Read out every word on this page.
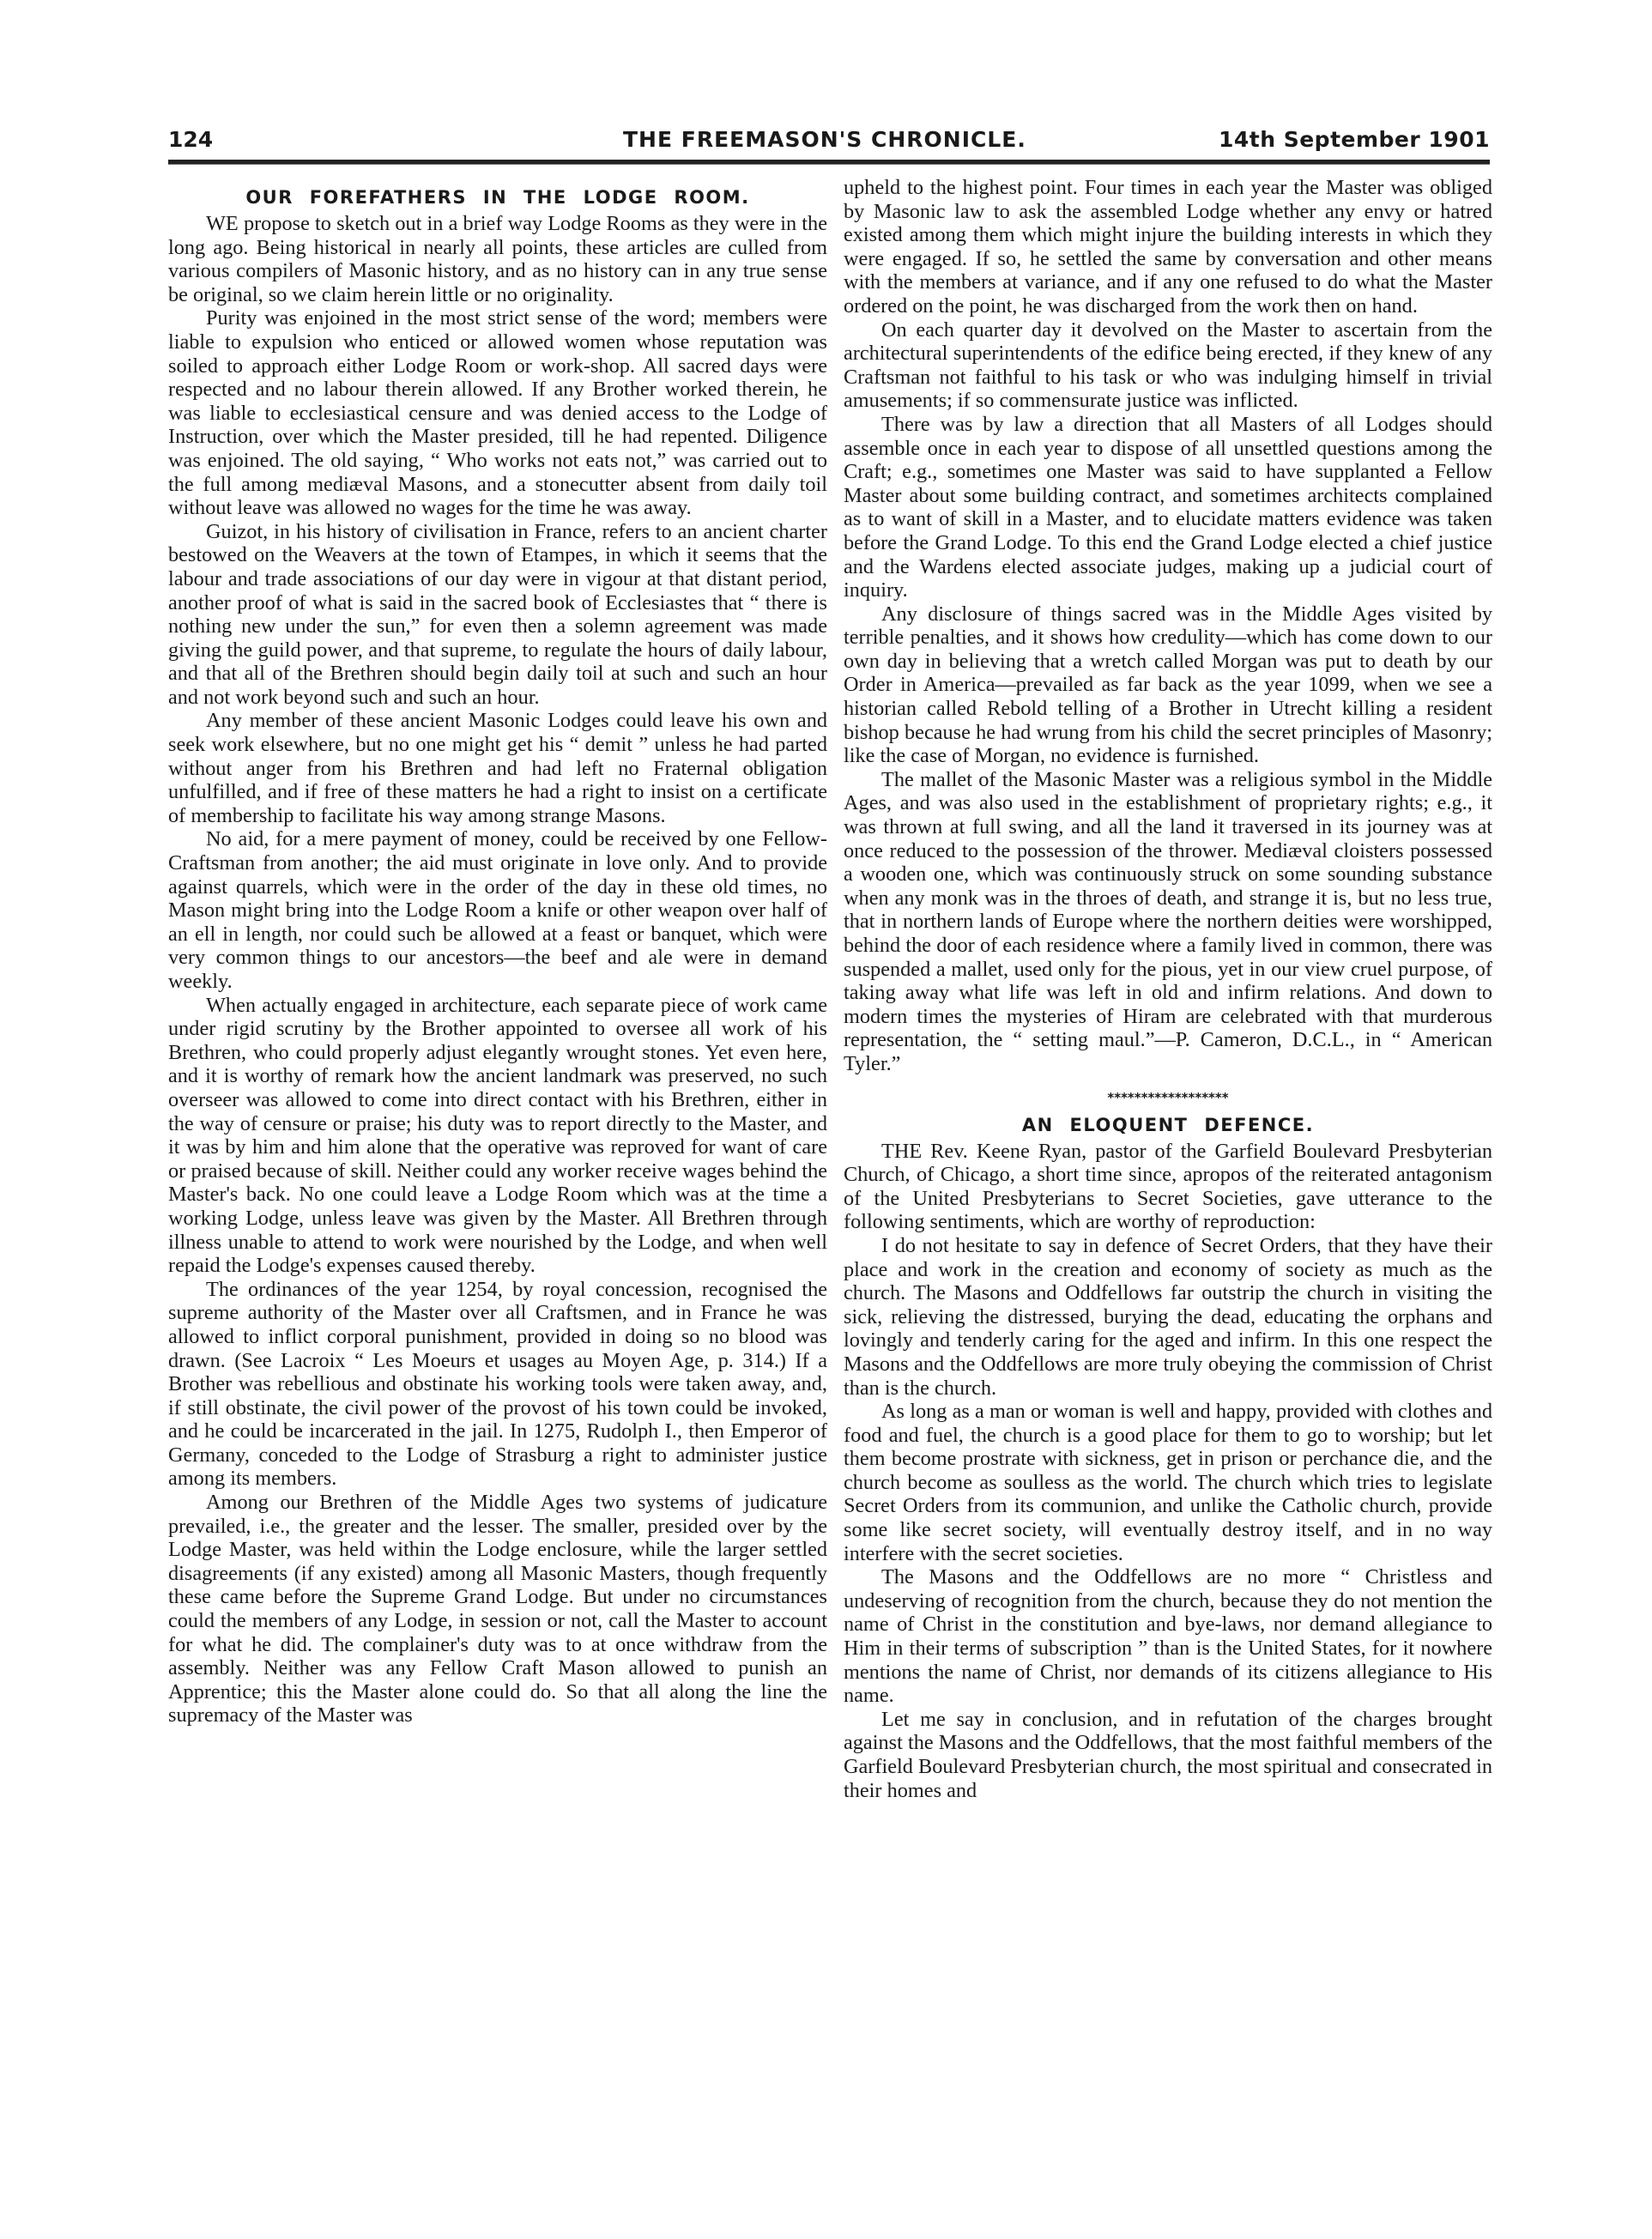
124	THE FREEMASON'S CHRONICLE.	14th September 1901
OUR FOREFATHERS IN THE LODGE ROOM.

WE propose to sketch out in a brief way Lodge Rooms as they were in the long ago. Being historical in nearly all points, these articles are culled from various compilers of Masonic history, and as no history can in any true sense be original, so we claim herein little or no originality.

Purity was enjoined in the most strict sense of the word; members were liable to expulsion who enticed or allowed women whose reputation was soiled to approach either Lodge Room or work-shop. All sacred days were respected and no labour therein allowed. If any Brother worked therein, he was liable to ecclesiastical censure and was denied access to the Lodge of Instruction, over which the Master presided, till he had repented. Diligence was enjoined. The old saying, “ Who works not eats not,” was carried out to the full among mediæval Masons, and a stonecutter absent from daily toil without leave was allowed no wages for the time he was away.

Guizot, in his history of civilisation in France, refers to an ancient charter bestowed on the Weavers at the town of Etampes, in which it seems that the labour and trade associations of our day were in vigour at that distant period, another proof of what is said in the sacred book of Ecclesiastes that “ there is nothing new under the sun,” for even then a solemn agreement was made giving the guild power, and that supreme, to regulate the hours of daily labour, and that all of the Brethren should begin daily toil at such and such an hour and not work beyond such and such an hour.

Any member of these ancient Masonic Lodges could leave his own and seek work elsewhere, but no one might get his “ demit ” unless he had parted without anger from his Brethren and had left no Fraternal obligation unfulfilled, and if free of these matters he had a right to insist on a certificate of membership to facilitate his way among strange Masons.

No aid, for a mere payment of money, could be received by one Fellow-Craftsman from another; the aid must originate in love only. And to provide against quarrels, which were in the order of the day in these old times, no Mason might bring into the Lodge Room a knife or other weapon over half of an ell in length, nor could such be allowed at a feast or banquet, which were very common things to our ancestors—the beef and ale were in demand weekly.

When actually engaged in architecture, each separate piece of work came under rigid scrutiny by the Brother appointed to oversee all work of his Brethren, who could properly adjust elegantly wrought stones. Yet even here, and it is worthy of remark how the ancient landmark was preserved, no such overseer was allowed to come into direct contact with his Brethren, either in the way of censure or praise; his duty was to report directly to the Master, and it was by him and him alone that the operative was reproved for want of care or praised because of skill. Neither could any worker receive wages behind the Master's back. No one could leave a Lodge Room which was at the time a working Lodge, unless leave was given by the Master. All Brethren through illness unable to attend to work were nourished by the Lodge, and when well repaid the Lodge's expenses caused thereby.

The ordinances of the year 1254, by royal concession, recognised the supreme authority of the Master over all Craftsmen, and in France he was allowed to inflict corporal punishment, provided in doing so no blood was drawn. (See Lacroix “ Les Moeurs et usages au Moyen Age, p. 314.) If a Brother was rebellious and obstinate his working tools were taken away, and, if still obstinate, the civil power of the provost of his town could be invoked, and he could be incarcerated in the jail. In 1275, Rudolph I., then Emperor of Germany, conceded to the Lodge of Strasburg a right to administer justice among its members.

Among our Brethren of the Middle Ages two systems of judicature prevailed, i.e., the greater and the lesser. The smaller, presided over by the Lodge Master, was held within the Lodge enclosure, while the larger settled disagreements (if any existed) among all Masonic Masters, though frequently these came before the Supreme Grand Lodge. But under no circumstances could the members of any Lodge, in session or not, call the Master to account for what he did. The complainer's duty was to at once withdraw from the assembly. Neither was any Fellow Craft Mason allowed to punish an Apprentice; this the Master alone could do. So that all along the line the supremacy of the Master was

upheld to the highest point. Four times in each year the Master was obliged by Masonic law to ask the assembled Lodge whether any envy or hatred existed among them which might injure the building interests in which they were engaged. If so, he settled the same by conversation and other means with the members at variance, and if any one refused to do what the Master ordered on the point, he was discharged from the work then on hand.

On each quarter day it devolved on the Master to ascertain from the architectural superintendents of the edifice being erected, if they knew of any Craftsman not faithful to his task or who was indulging himself in trivial amusements; if so commensurate justice was inflicted.

There was by law a direction that all Masters of all Lodges should assemble once in each year to dispose of all unsettled questions among the Craft; e.g., sometimes one Master was said to have supplanted a Fellow Master about some building contract, and sometimes architects complained as to want of skill in a Master, and to elucidate matters evidence was taken before the Grand Lodge. To this end the Grand Lodge elected a chief justice and the Wardens elected associate judges, making up a judicial court of inquiry.

Any disclosure of things sacred was in the Middle Ages visited by terrible penalties, and it shows how credulity—which has come down to our own day in believing that a wretch called Morgan was put to death by our Order in America—prevailed as far back as the year 1099, when we see a historian called Rebold telling of a Brother in Utrecht killing a resident bishop because he had wrung from his child the secret principles of Masonry; like the case of Morgan, no evidence is furnished.

The mallet of the Masonic Master was a religious symbol in the Middle Ages, and was also used in the establishment of proprietary rights; e.g., it was thrown at full swing, and all the land it traversed in its journey was at once reduced to the possession of the thrower. Mediæval cloisters possessed a wooden one, which was continuously struck on some sounding substance when any monk was in the throes of death, and strange it is, but no less true, that in northern lands of Europe where the northern deities were worshipped, behind the door of each residence where a family lived in common, there was suspended a mallet, used only for the pious, yet in our view cruel purpose, of taking away what life was left in old and infirm relations. And down to modern times the mysteries of Hiram are celebrated with that murderous representation, the “ setting maul.”—P. Cameron, D.C.L., in “ American Tyler.”

******************
AN ELOQUENT DEFENCE.

THE Rev. Keene Ryan, pastor of the Garfield Boulevard Presbyterian Church, of Chicago, a short time since, apropos of the reiterated antagonism of the United Presbyterians to Secret Societies, gave utterance to the following sentiments, which are worthy of reproduction:

I do not hesitate to say in defence of Secret Orders, that they have their place and work in the creation and economy of society as much as the church. The Masons and Oddfellows far outstrip the church in visiting the sick, relieving the distressed, burying the dead, educating the orphans and lovingly and tenderly caring for the aged and infirm. In this one respect the Masons and the Oddfellows are more truly obeying the commission of Christ than is the church.

As long as a man or woman is well and happy, provided with clothes and food and fuel, the church is a good place for them to go to worship; but let them become prostrate with sickness, get in prison or perchance die, and the church become as soulless as the world. The church which tries to legislate Secret Orders from its communion, and unlike the Catholic church, provide some like secret society, will eventually destroy itself, and in no way interfere with the secret societies.

The Masons and the Oddfellows are no more “ Christless and undeserving of recognition from the church, because they do not mention the name of Christ in the constitution and bye-laws, nor demand allegiance to Him in their terms of subscription ” than is the United States, for it nowhere mentions the name of Christ, nor demands of its citizens allegiance to His name.

Let me say in conclusion, and in refutation of the charges brought against the Masons and the Oddfellows, that the most faithful members of the Garfield Boulevard Presbyterian church, the most spiritual and consecrated in their homes and
